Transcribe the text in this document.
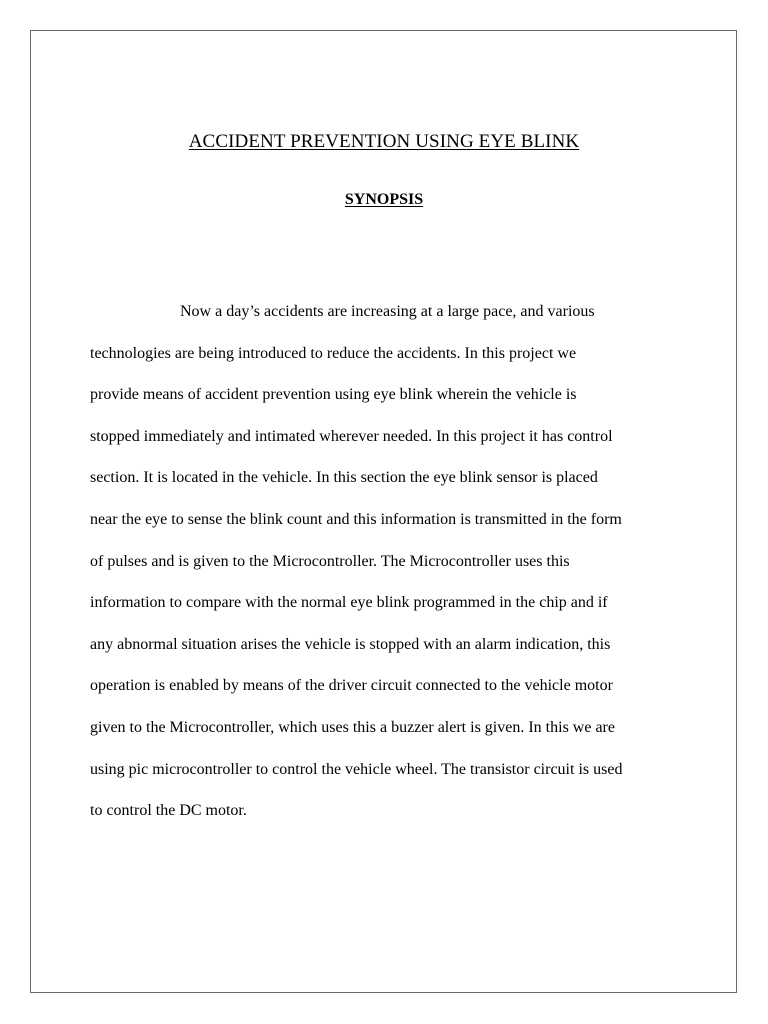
ACCIDENT PREVENTION USING EYE BLINK
SYNOPSIS
Now a day’s accidents are increasing at a large pace, and various
technologies are being introduced to reduce the accidents. In this project we
provide means of accident prevention using eye blink wherein the vehicle is
stopped immediately and intimated wherever needed. In this project it has control
section. It is located in the vehicle. In this section the eye blink sensor is placed
near the eye to sense the blink count and this information is transmitted in the form
of pulses and is given to the Microcontroller. The Microcontroller uses this
information to compare with the normal eye blink programmed in the chip and if
any abnormal situation arises the vehicle is stopped with an alarm indication, this
operation is enabled by means of the driver circuit connected to the vehicle motor
given to the Microcontroller, which uses this a buzzer alert is given. In this we are
using pic microcontroller to control the vehicle wheel. The transistor circuit is used
to control the DC motor.
